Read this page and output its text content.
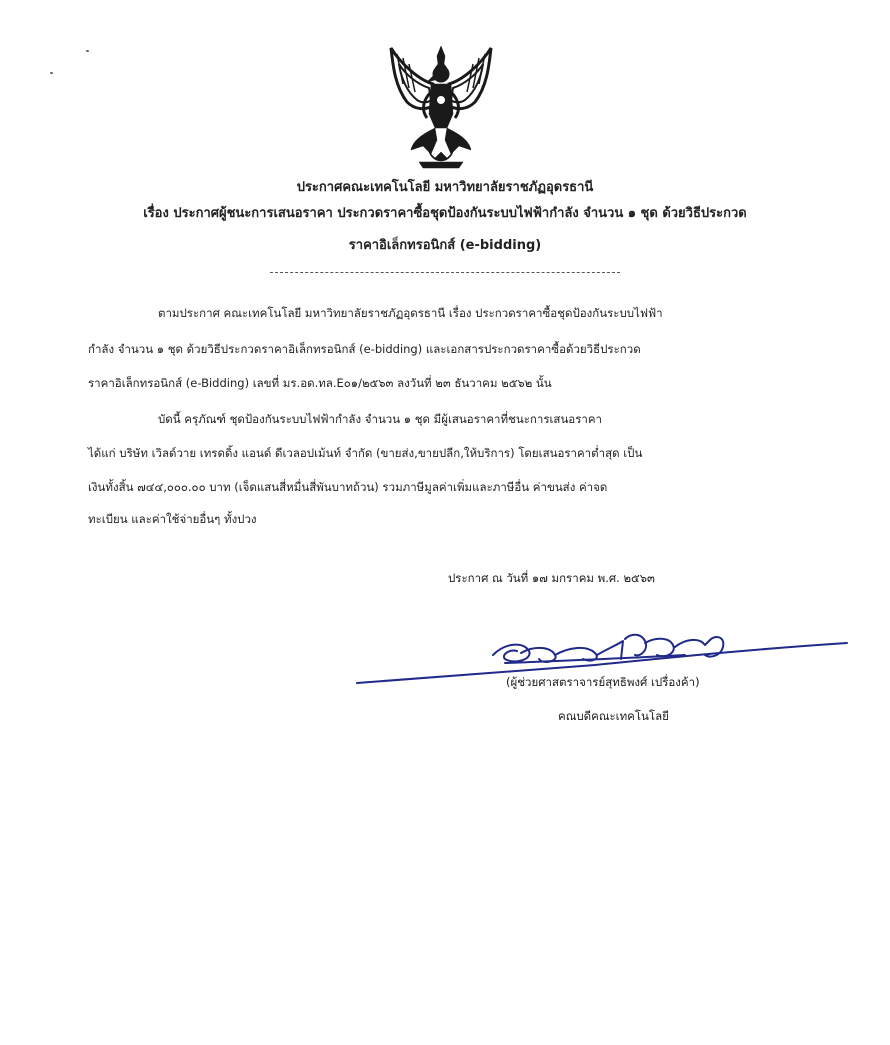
ประกาศคณะเทคโนโลยี มหาวิทยาลัยราชภัฏอุดรธานี
เรื่อง ประกาศผู้ชนะการเสนอราคา ประกวดราคาซื้อชุดป้องกันระบบไฟฟ้ากำลัง จำนวน ๑ ชุด ด้วยวิธีประกวด
ราคาอิเล็กทรอนิกส์ (e-bidding)
ตามประกาศ คณะเทคโนโลยี มหาวิทยาลัยราชภัฏอุดรธานี เรื่อง ประกวดราคาซื้อชุดป้องกันระบบไฟฟ้า
กำลัง จำนวน ๑ ชุด ด้วยวิธีประกวดราคาอิเล็กทรอนิกส์ (e-bidding) และเอกสารประกวดราคาซื้อด้วยวิธีประกวด
ราคาอิเล็กทรอนิกส์ (e-Bidding) เลขที่ มร.อด.ทล.E๐๑/๒๕๖๓ ลงวันที่ ๒๓ ธันวาคม ๒๕๖๒ นั้น
บัดนี้ ครุภัณฑ์ ชุดป้องกันระบบไฟฟ้ากำลัง จำนวน ๑ ชุด มีผู้เสนอราคาที่ชนะการเสนอราคา
ได้แก่ บริษัท เวิลด์วาย เทรดดิ้ง แอนด์ ดีเวลอปเม้นท์ จำกัด (ขายส่ง,ขายปลีก,ให้บริการ) โดยเสนอราคาต่ำสุด เป็น
เงินทั้งสิ้น ๗๔๔,๐๐๐.๐๐ บาท (เจ็ดแสนสี่หมื่นสี่พันบาทถ้วน) รวมภาษีมูลค่าเพิ่มและภาษีอื่น ค่าขนส่ง ค่าจด
ทะเบียน และค่าใช้จ่ายอื่นๆ ทั้งปวง
ประกาศ ณ วันที่ ๑๗ มกราคม พ.ศ. ๒๕๖๓
(ผู้ช่วยศาสตราจารย์สุทธิพงศ์ เปรื่องค้า)
คณบดีคณะเทคโนโลยี
